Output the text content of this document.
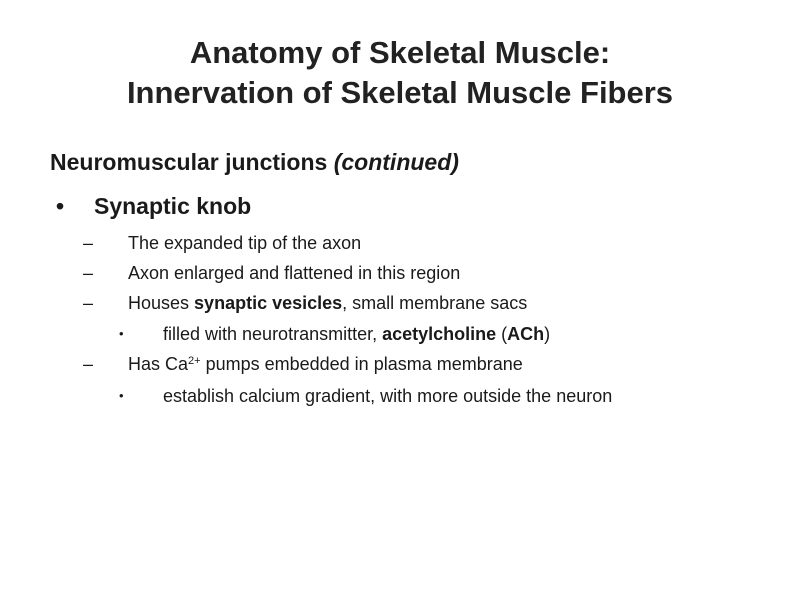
Anatomy of Skeletal Muscle:
Innervation of Skeletal Muscle Fibers
Neuromuscular junctions (continued)
• Synaptic knob
– The expanded tip of the axon
– Axon enlarged and flattened in this region
– Houses synaptic vesicles, small membrane sacs
• filled with neurotransmitter, acetylcholine (ACh)
– Has $Ca^{2+}$ pumps embedded in plasma membrane
• establish calcium gradient, with more outside the neuron
